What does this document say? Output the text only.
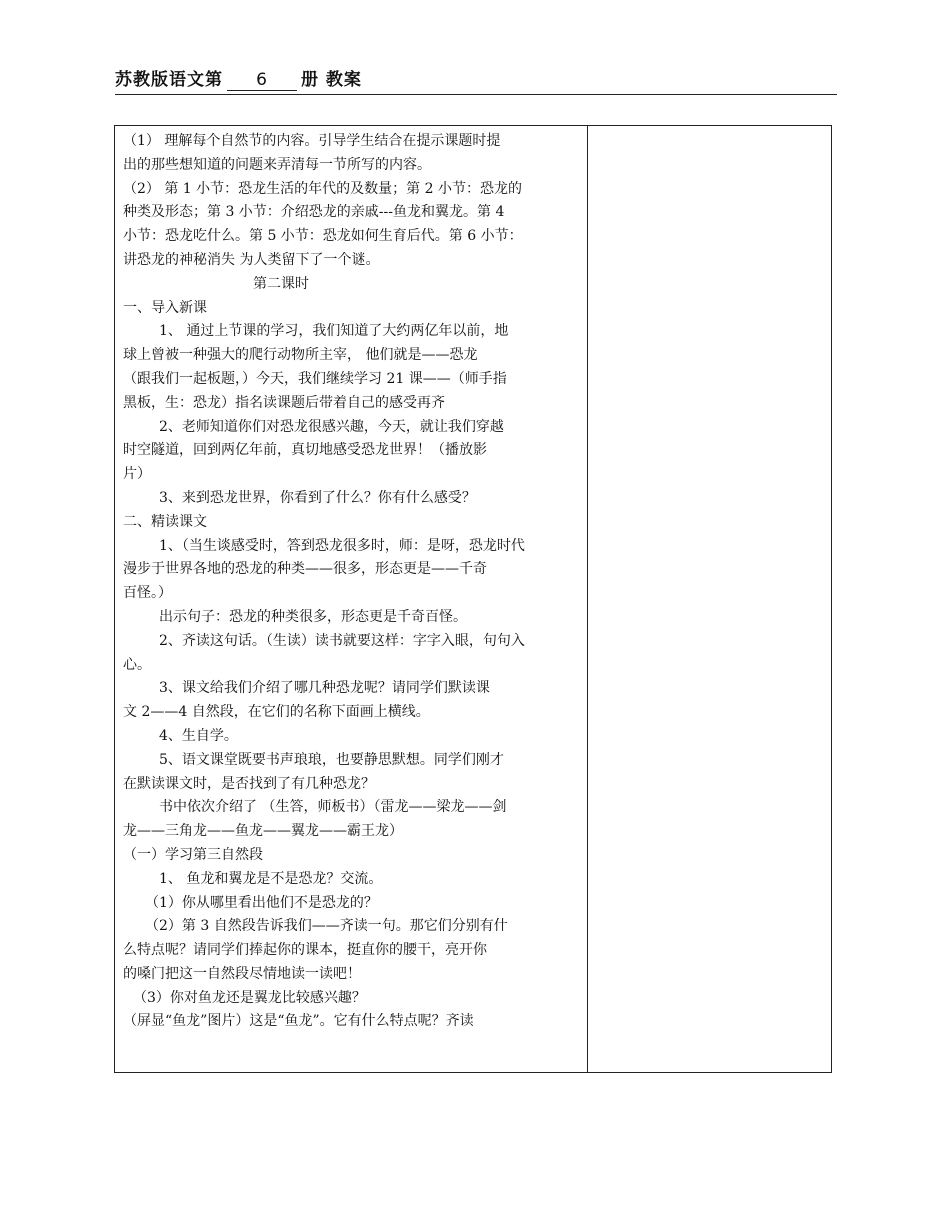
苏教版语文第 6 册 教案
（1） 理解每个自然节的内容。引导学生结合在提示课题时提
出的那些想知道的问题来弄清每一节所写的内容。
（2） 第 1 小节：恐龙生活的年代的及数量；第 2 小节：恐龙的
种类及形态；第 3 小节：介绍恐龙的亲戚---鱼龙和翼龙。第 4
小节：恐龙吃什么。第 5 小节：恐龙如何生育后代。第 6 小节：
讲恐龙的神秘消失 为人类留下了一个谜。
第二课时
一、导入新课
1、 通过上节课的学习，我们知道了大约两亿年以前，地
球上曾被一种强大的爬行动物所主宰， 他们就是——恐龙
（跟我们一起板题，）今天，我们继续学习 21 课——（师手指
黑板，生：恐龙）指名读课题后带着自己的感受再齐
2、老师知道你们对恐龙很感兴趣，今天，就让我们穿越
时空隧道，回到两亿年前，真切地感受恐龙世界！（播放影
片）
3、来到恐龙世界，你看到了什么？你有什么感受？
二、精读课文
1、（当生谈感受时，答到恐龙很多时，师：是呀，恐龙时代
漫步于世界各地的恐龙的种类——很多，形态更是——千奇
百怪。）
出示句子：恐龙的种类很多，形态更是千奇百怪。
2、齐读这句话。（生读）读书就要这样：字字入眼，句句入
心。
3、课文给我们介绍了哪几种恐龙呢？请同学们默读课
文 2——4 自然段，在它们的名称下面画上横线。
4、生自学。
5、语文课堂既要书声琅琅，也要静思默想。同学们刚才
在默读课文时，是否找到了有几种恐龙？
书中依次介绍了 （生答，师板书）（雷龙——梁龙——剑
龙——三角龙——鱼龙——翼龙——霸王龙）
（一）学习第三自然段
1、 鱼龙和翼龙是不是恐龙？交流。
（1）你从哪里看出他们不是恐龙的？
（2）第 3 自然段告诉我们——齐读一句。那它们分别有什
么特点呢？请同学们捧起你的课本，挺直你的腰干，亮开你
的嗓门把这一自然段尽情地读一读吧！
（3）你对鱼龙还是翼龙比较感兴趣？
（屏显“鱼龙”图片）这是“鱼龙”。它有什么特点呢？齐读
